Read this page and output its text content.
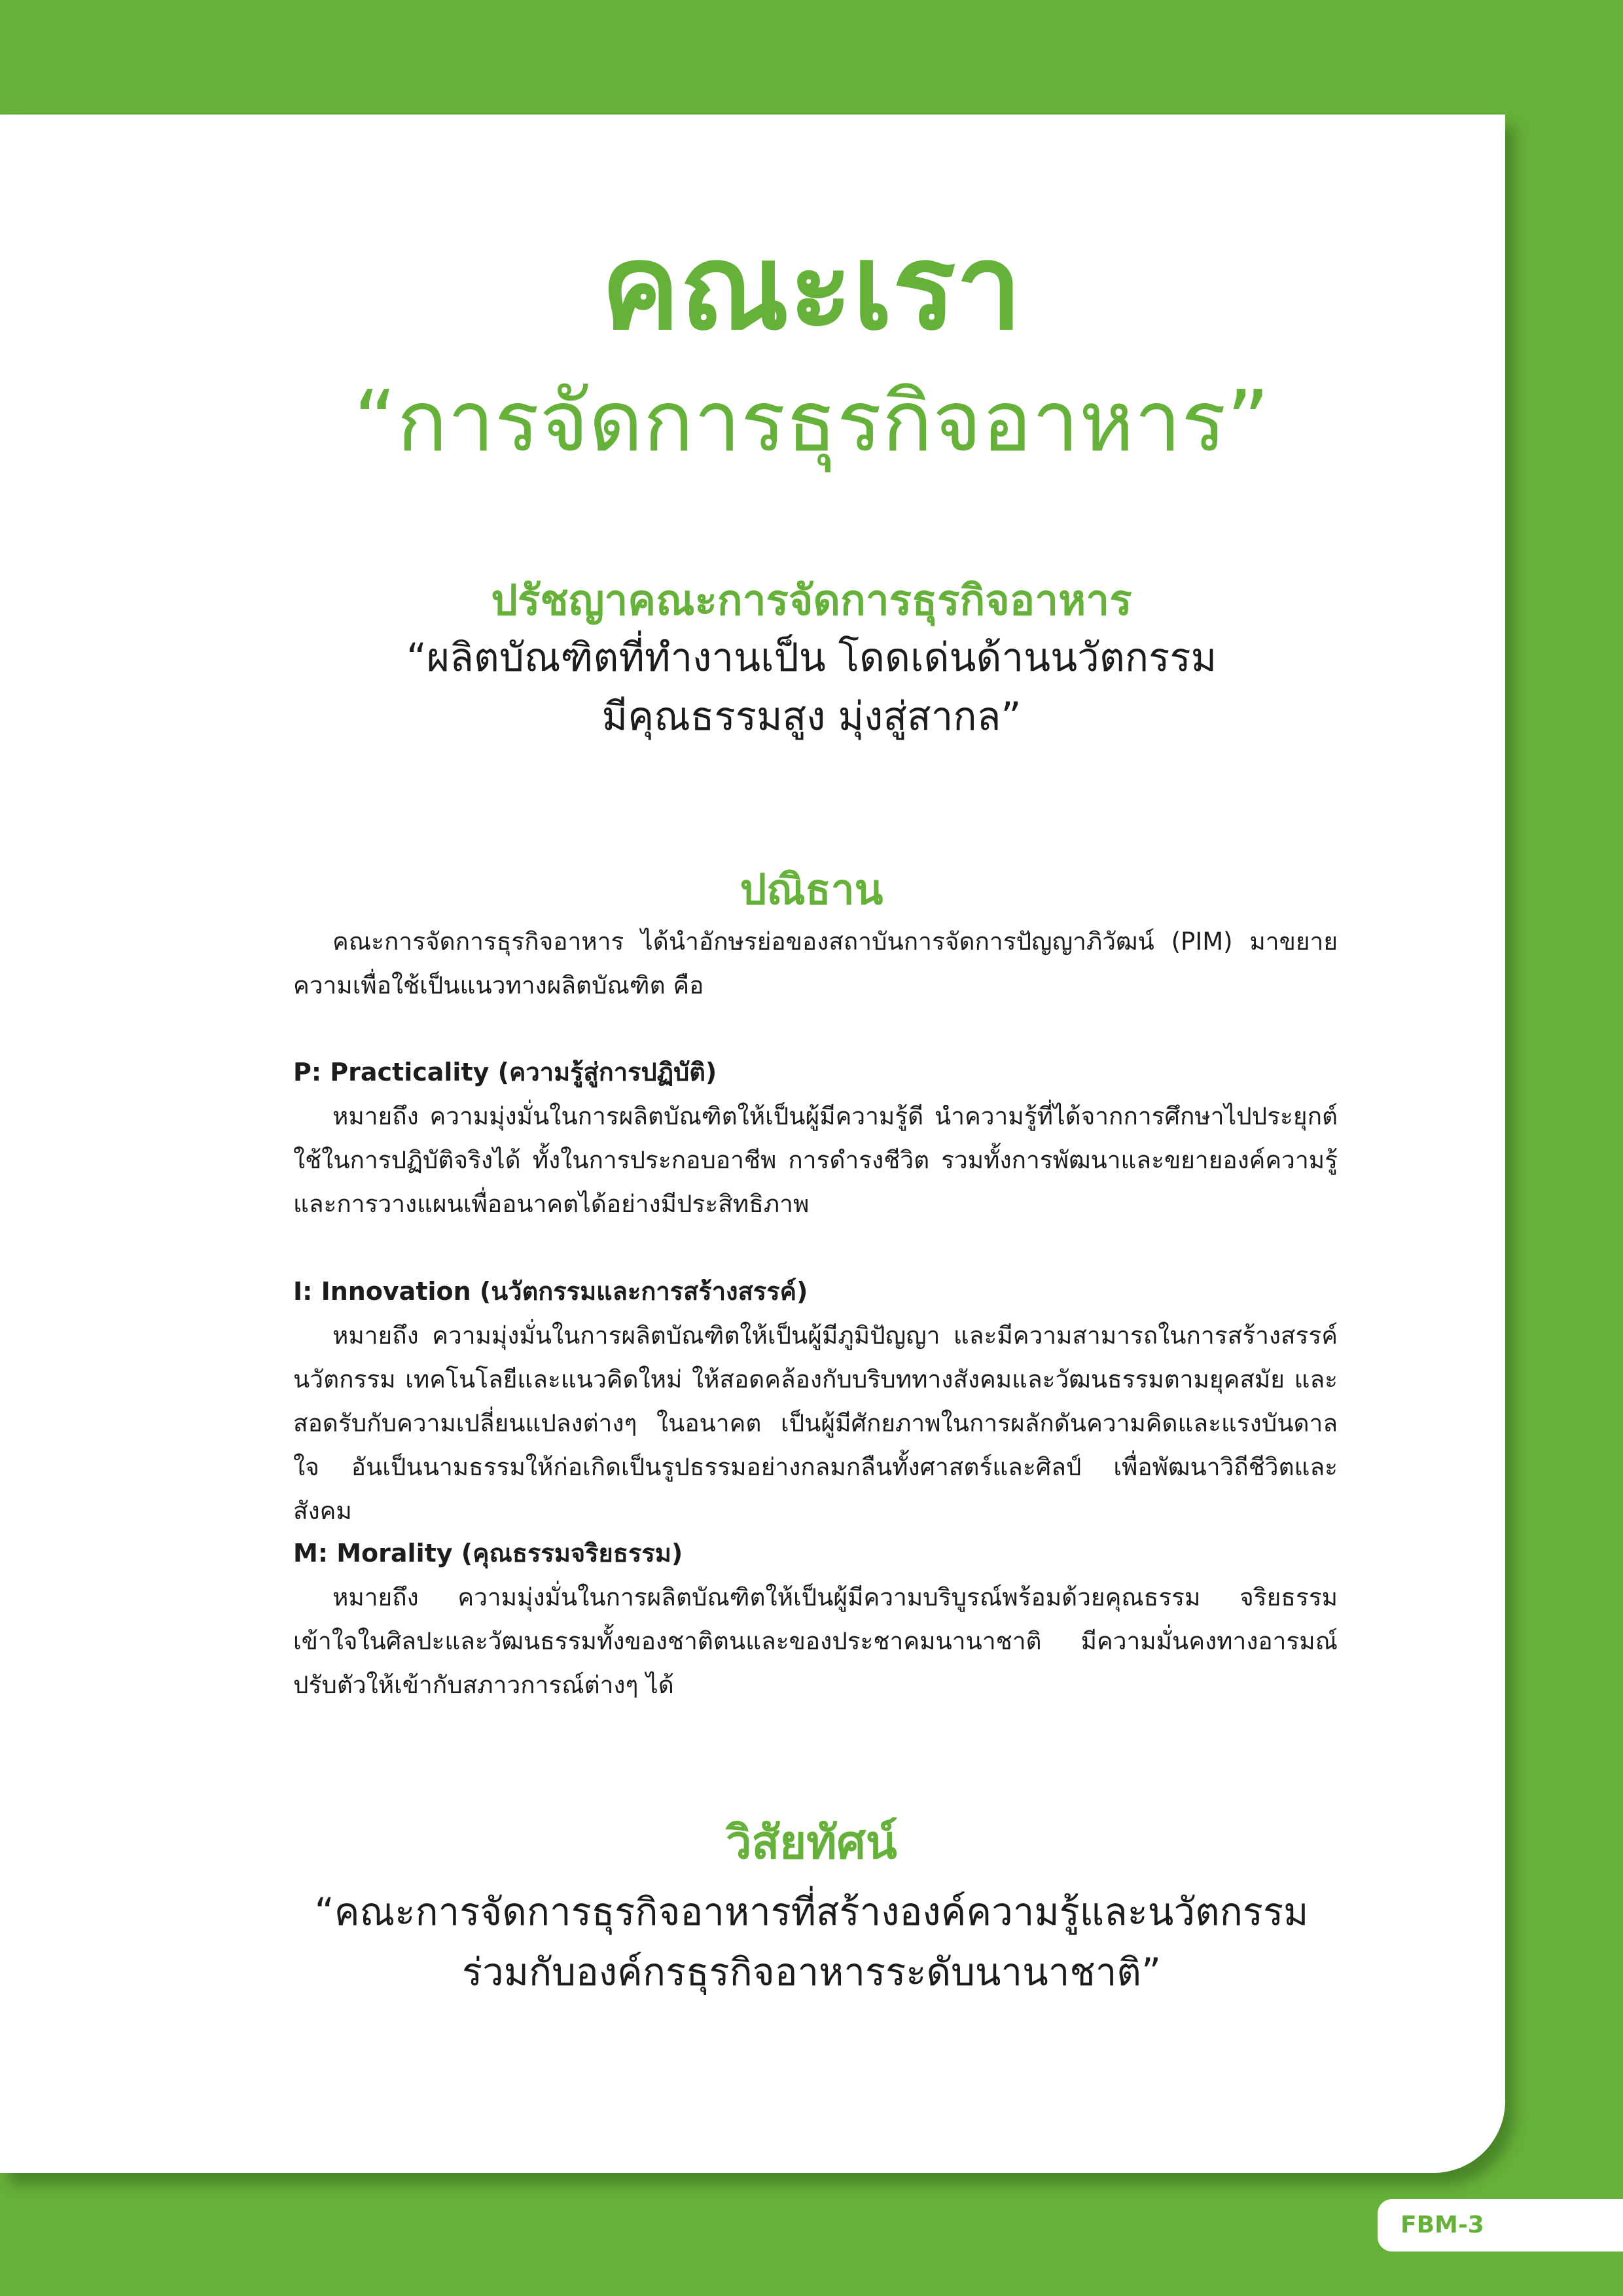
คณะเรา
“การจัดการธุรกิจอาหาร”
ปรัชญาคณะการจัดการธุรกิจอาหาร
“ผลิตบัณฑิตที่ทำงานเป็น โดดเด่นด้านนวัตกรรม
มีคุณธรรมสูง มุ่งสู่สากล”
ปณิธาน

คณะการจัดการธุรกิจอาหาร ได้นำอักษรย่อของสถาบันการจัดการปัญญาภิวัฒน์ (PIM) มาขยายความเพื่อใช้เป็นแนวทางผลิตบัณฑิต คือ

P: Practicality (ความรู้สู่การปฏิบัติ)
หมายถึง ความมุ่งมั่นในการผลิตบัณฑิตให้เป็นผู้มีความรู้ดี นำความรู้ที่ได้จากการศึกษาไปประยุกต์ใช้ในการปฏิบัติจริงได้ ทั้งในการประกอบอาชีพ การดำรงชีวิต รวมทั้งการพัฒนาและขยายองค์ความรู้ และการวางแผนเพื่ออนาคตได้อย่างมีประสิทธิภาพ
I: Innovation (นวัตกรรมและการสร้างสรรค์)
หมายถึง ความมุ่งมั่นในการผลิตบัณฑิตให้เป็นผู้มีภูมิปัญญา และมีความสามารถในการสร้างสรรค์นวัตกรรม เทคโนโลยีและแนวคิดใหม่ ให้สอดคล้องกับบริบททางสังคมและวัฒนธรรมตามยุคสมัย และสอดรับกับความเปลี่ยนแปลงต่างๆ ในอนาคต เป็นผู้มีศักยภาพในการผลักดันความคิดและแรงบันดาลใจ อันเป็นนามธรรมให้ก่อเกิดเป็นรูปธรรมอย่างกลมกลืนทั้งศาสตร์และศิลป์ เพื่อพัฒนาวิถีชีวิตและสังคม
M: Morality (คุณธรรมจริยธรรม)
หมายถึง ความมุ่งมั่นในการผลิตบัณฑิตให้เป็นผู้มีความบริบูรณ์พร้อมด้วยคุณธรรม จริยธรรม เข้าใจในศิลปะและวัฒนธรรมทั้งของชาติตนและของประชาคมนานาชาติ มีความมั่นคงทางอารมณ์ ปรับตัวให้เข้ากับสภาวการณ์ต่างๆ ได้
วิสัยทัศน์
“คณะการจัดการธุรกิจอาหารที่สร้างองค์ความรู้และนวัตกรรม
ร่วมกับองค์กรธุรกิจอาหารระดับนานาชาติ”
FBM-3
